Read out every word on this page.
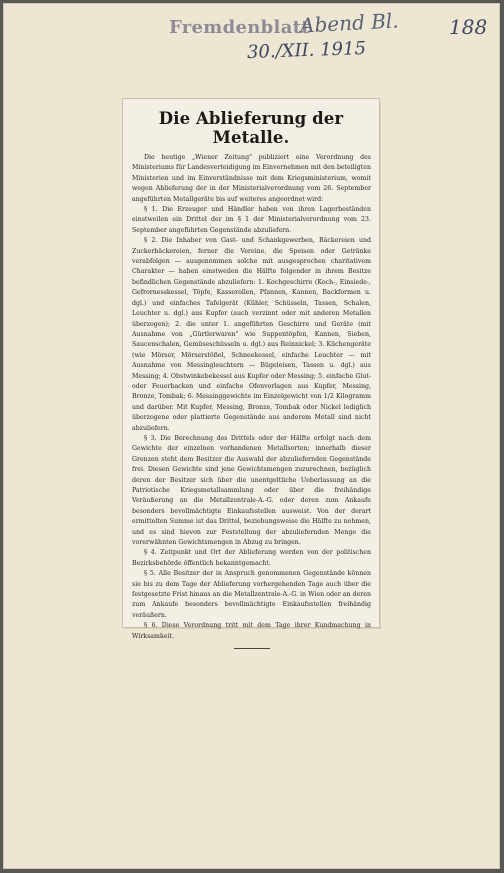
Fremdenblatt
Abend Bl.
30./XII. 1915
188
Die Ablieferung der Metalle.

Die heutige „Wiener Zeitung" publiziert eine Verordnung des Ministeriums für Landesverteidigung im Einvernehmen mit den beteiligten Ministerien und im Einverständnisse mit dem Kriegsministerium, womit wegen Ablieferung der in der Ministerialverordnung vom 26. September angeführten Metallgeräte bis auf weiteres angeordnet wird:

§ 1. Die Erzeuger und Händler haben von ihren Lagerbeständen einstweilen ein Drittel der im § 1 der Ministerialverordnung vom 23. September angeführten Gegenstände abzuliefern.

§ 2. Die Inhaber von Gast- und Schankgewerben, Bäckereien und Zuckerbäckereien, ferner die Vereine, die Speisen oder Getränke verabfolgen — ausgenommen solche mit ausgesprochen charitativem Charakter — haben einstweilen die Hälfte folgender in ihrem Besitze befindlichen Gegenstände abzuliefern: 1. Kochgeschirre (Koch-, Einsiede-, Gefrornesskessel, Töpfe, Kasserollen, Pfannen, Kannen, Backformen u. dgl.) und einfaches Tafelgerät (Kühler, Schüsseln, Tassen, Schalen, Leuchter u. dgl.) aus Kupfer (auch verzinnt oder mit anderen Metallen überzogen); 2. die unter 1. angeführten Geschirre und Geräte (mit Ausnahme von „Gürtlerwaren" wie Suppentöpfen, Kannen, Sieben, Saucenschalen, Gemüseschüsseln u. dgl.) aus Reinnickel; 3. Küchengeräte (wie Mörser, Mörserstößel, Schneekessel, einfache Leuchter — mit Ausnahme von Messingleuchtern — Bügeleisen, Tassen u. dgl.) aus Messing; 4. Obstwinkebekessel aus Kupfer oder Messing; 5. einfache Glut- oder Feuerbacken und einfache Ofenvorlagen aus Kupfer, Messing, Bronze, Tombak; 6. Messinggewichte im Einzelgewicht von 1/2 Kilogramm und darüber. Mit Kupfer, Messing, Bronze, Tombak oder Nickel lediglich überzogene oder plattierte Gegenstände aus anderem Metall sind nicht abzuliefern.

§ 3. Die Berechnung des Drittels oder der Hälfte erfolgt nach dem Gewichte der einzelnen vorhandenen Metallsorten; innerhalb dieser Grenzen steht dem Besitzer die Auswahl der abzuliefernden Gegenstände frei. Diesen Gewichte sind jene Gewichtsmengen zuzurechnen, bezüglich deren der Besitzer sich über die unentgeltliche Ueberlassung an die Patriotische Kriegsmetallsammlung oder über die freihändige Veräußerung an die Metallzentrale-A.-G. oder deren zum Ankaufe besonders bevollmächtigte Einkaufsstellen ausweist. Von der derart ermittelten Summe ist das Drittel, beziehungsweise die Hälfte zu nehmen, und es sind hievon zur Feststellung der abzuliefernden Menge die vorerwähnten Gewichtsmengen in Abzug zu bringen.

§ 4. Zeitpunkt und Ort der Ablieferung werden von der politischen Bezirksbehörde öffentlich bekanntgemacht.

§ 5. Alle Besitzer der in Anspruch genommenen Gegenstände können sie bis zu dem Tage der Ablieferung vorhergehenden Tage auch über die festgesetzte Frist hinaus an die Metallzentrale-A.-G. in Wien oder an deren zum Ankaufe besonders bevollmächtigte Einkaufsstellen freihändig veräußern.

§ 6. Diese Verordnung tritt mit dem Tage ihrer Kundmachung in Wirksamkeit.
